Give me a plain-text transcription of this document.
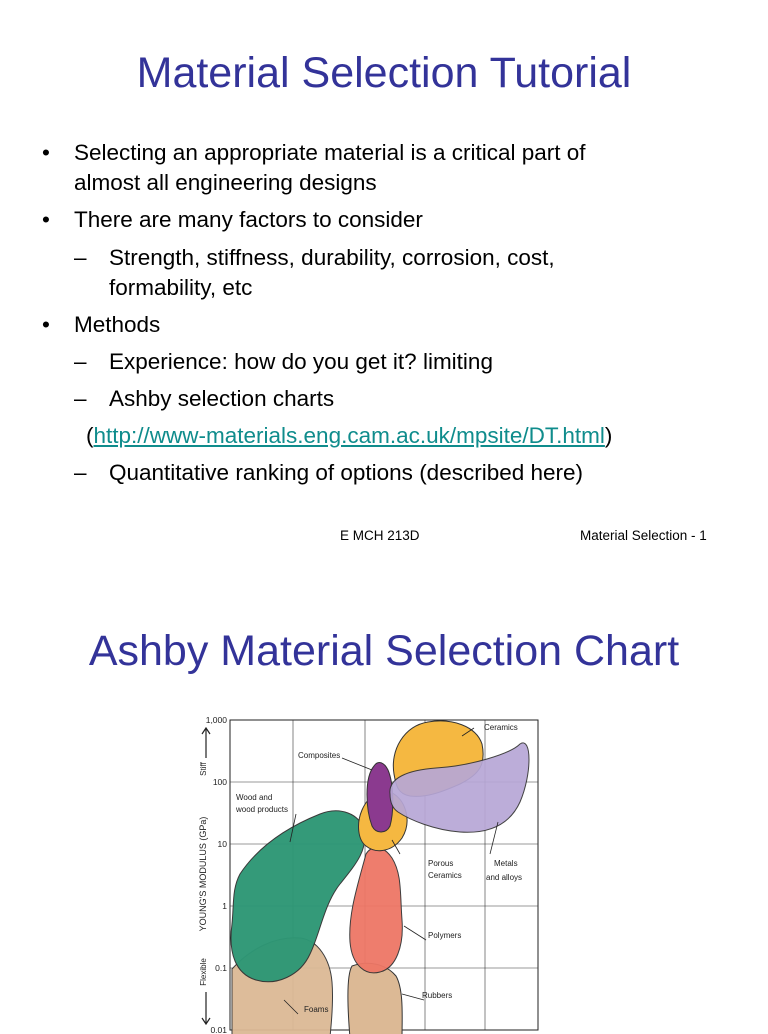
Material Selection Tutorial
• Selecting an appropriate material is a critical part of
almost all engineering designs
• There are many factors to consider
– Strength, stiffness, durability, corrosion, cost,
formability, etc
• Methods
– Experience: how do you get it? limiting
– Ashby selection charts
(http://www-materials.eng.cam.ac.uk/mpsite/DT.html)
– Quantitative ranking of options (described here)
E MCH 213D	Material Selection - 1
Ashby Material Selection Chart
1,000
100
10
1
0.1
0.01
YOUNG'S MODULUS (GPa)
Stiff
Flexible
Ceramics
Composites
Wood and
wood products
Porous
Ceramics
Metals
and alloys
Polymers
Rubbers
Foams
